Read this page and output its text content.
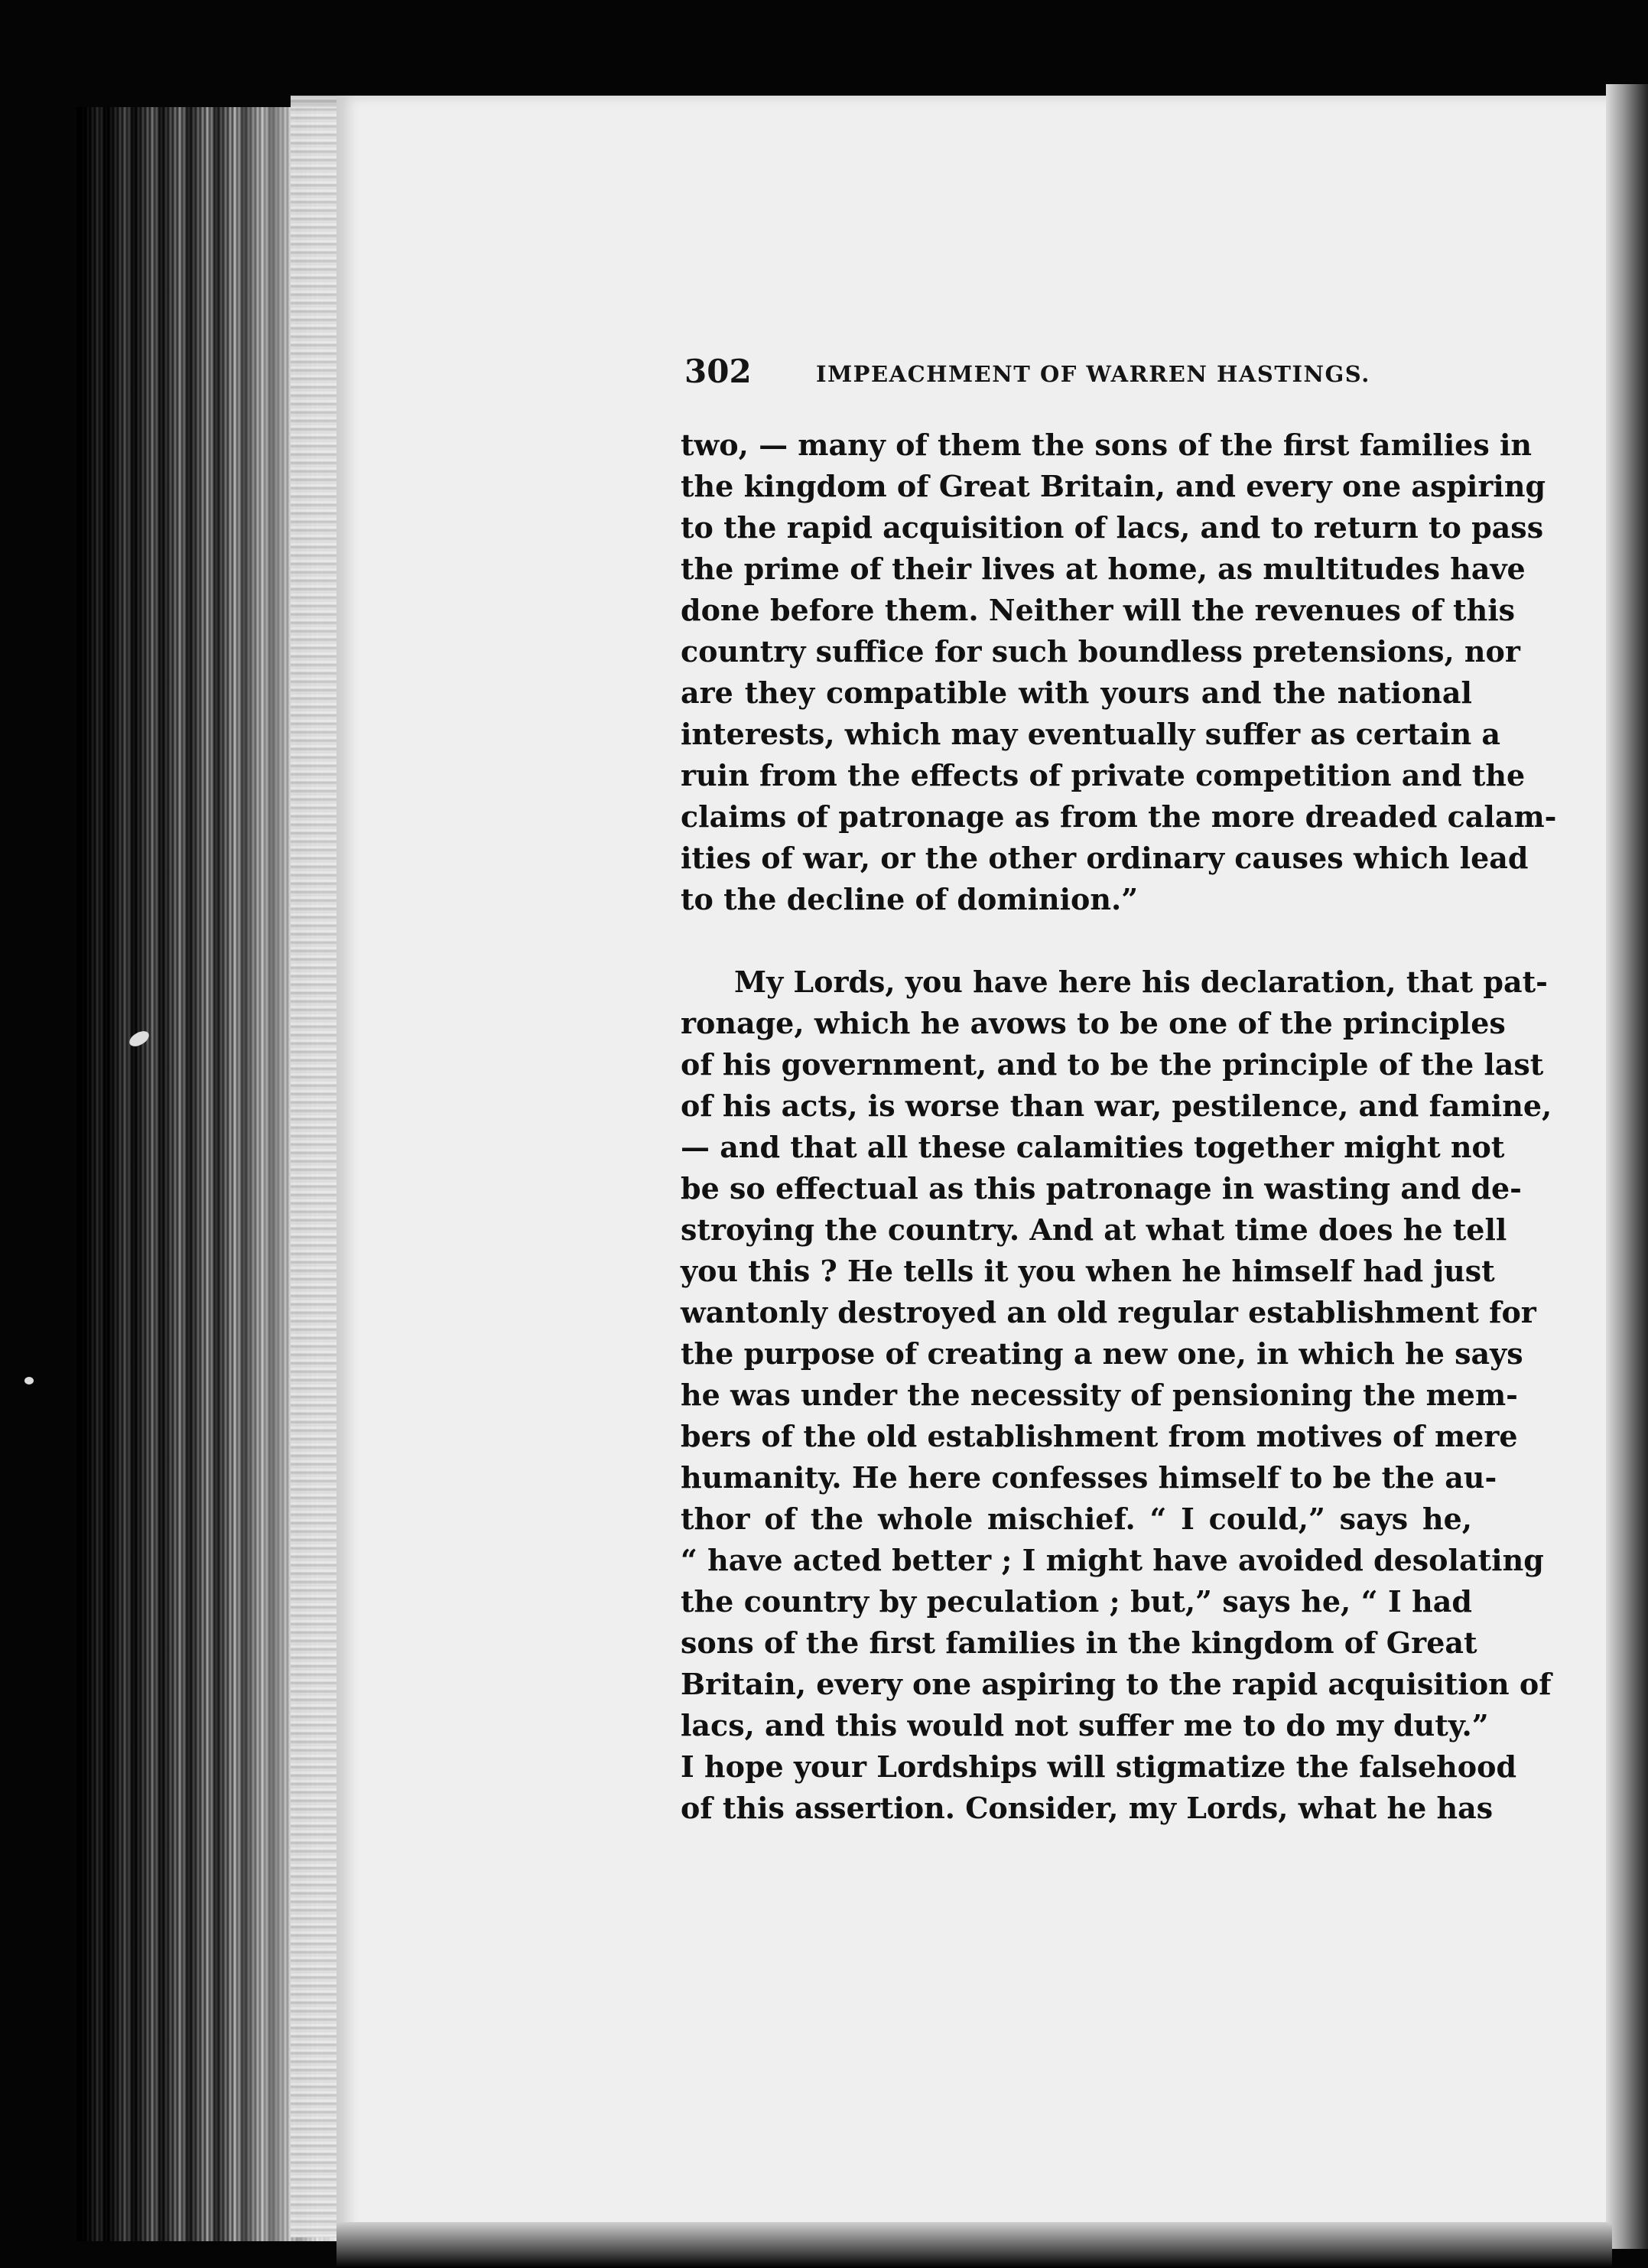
302	IMPEACHMENT OF WARREN HASTINGS.
two, — many of them the sons of the first families in
the kingdom of Great Britain, and every one aspiring
to the rapid acquisition of lacs, and to return to pass
the prime of their lives at home, as multitudes have
done before them. Neither will the revenues of this
country suffice for such boundless pretensions, nor
are they compatible with yours and the national
interests, which may eventually suffer as certain a
ruin from the effects of private competition and the
claims of patronage as from the more dreaded calam-
ities of war, or the other ordinary causes which lead
to the decline of dominion.”
My Lords, you have here his declaration, that pat-
ronage, which he avows to be one of the principles
of his government, and to be the principle of the last
of his acts, is worse than war, pestilence, and famine,
— and that all these calamities together might not
be so effectual as this patronage in wasting and de-
stroying the country. And at what time does he tell
you this ? He tells it you when he himself had just
wantonly destroyed an old regular establishment for
the purpose of creating a new one, in which he says
he was under the necessity of pensioning the mem-
bers of the old establishment from motives of mere
humanity. He here confesses himself to be the au-
thor of the whole mischief. “ I could,” says he,
“ have acted better ; I might have avoided desolating
the country by peculation ; but,” says he, “ I had
sons of the first families in the kingdom of Great
Britain, every one aspiring to the rapid acquisition of
lacs, and this would not suffer me to do my duty.”
I hope your Lordships will stigmatize the falsehood
of this assertion. Consider, my Lords, what he has
